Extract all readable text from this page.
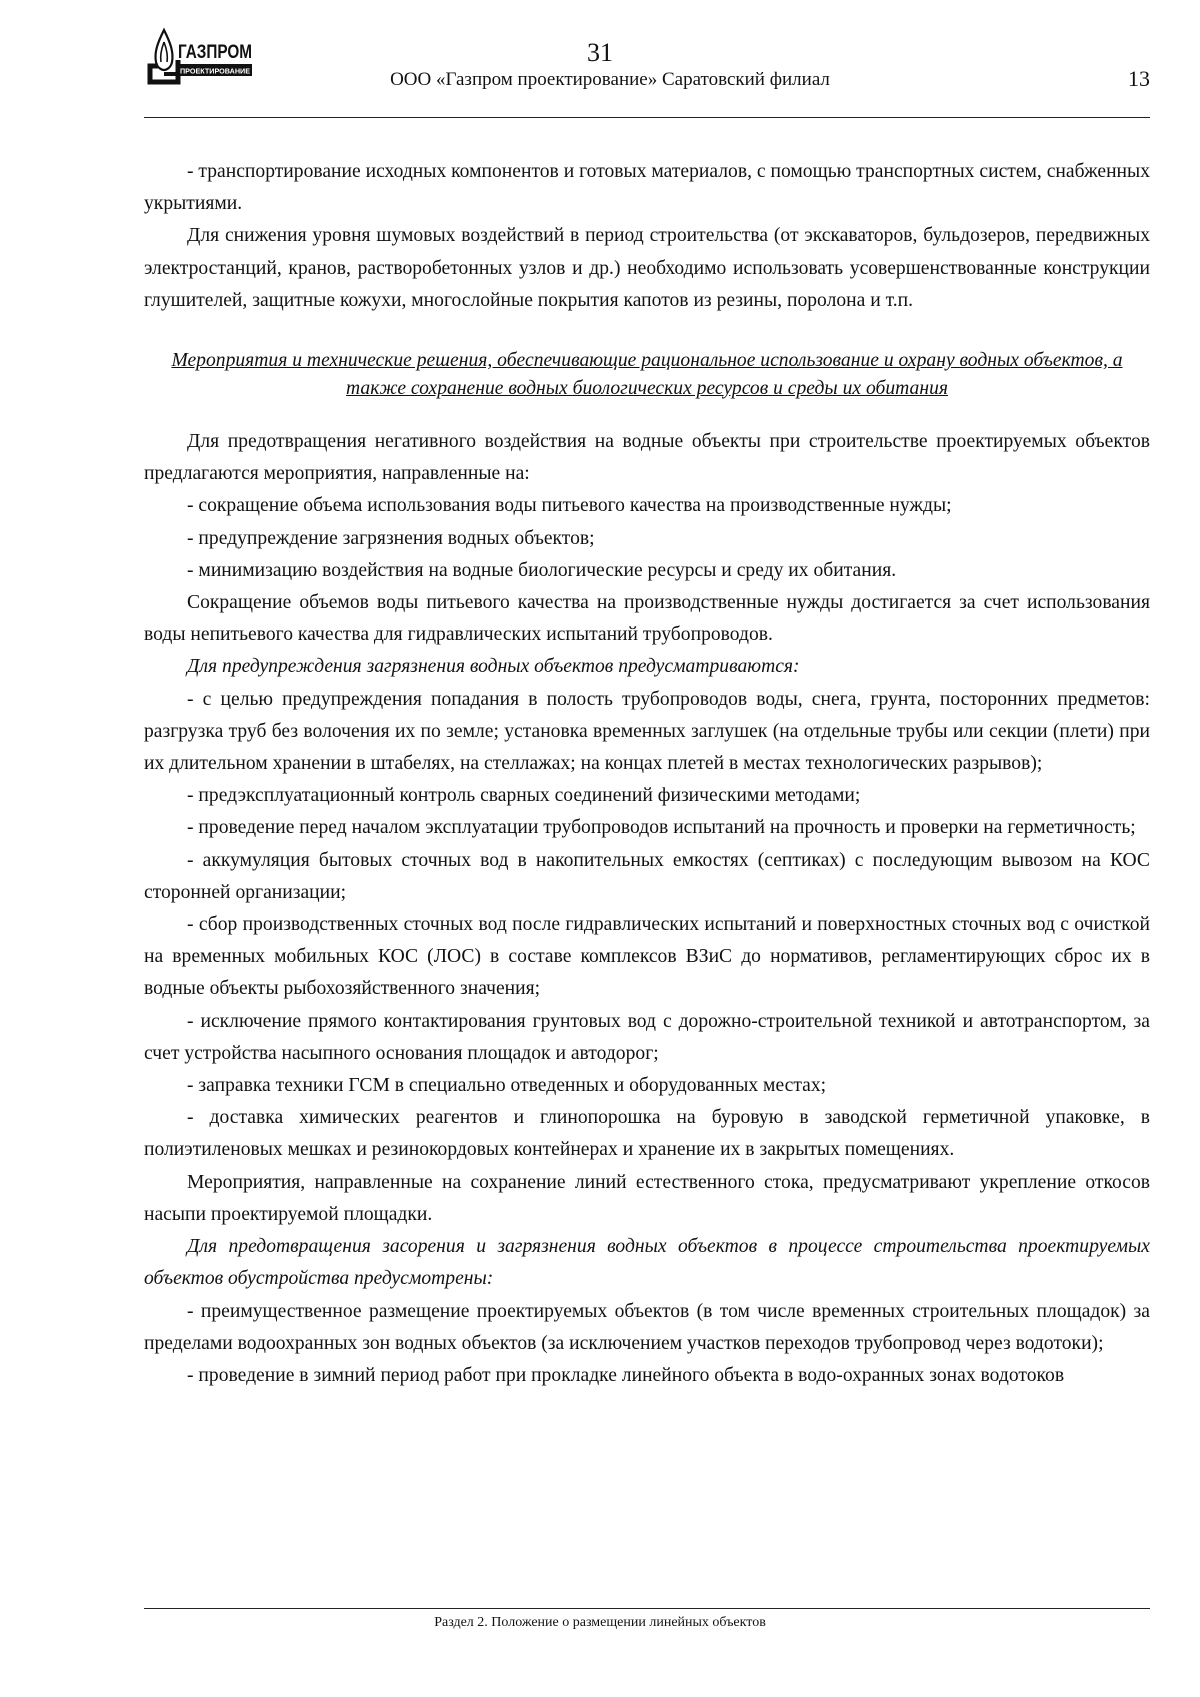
31
ГАЗПРОМ
ПРОЕКТИРОВАНИЕ	ООО «Газпром проектирование» Саратовский филиал	13

- транспортирование исходных компонентов и готовых материалов, с помощью транспортных систем, снабженных укрытиями.

Для снижения уровня шумовых воздействий в период строительства (от экскаваторов, бульдозеров, передвижных электростанций, кранов, растворобетонных узлов и др.) необходимо использовать усовершенствованные конструкции глушителей, защитные кожухи, многослойные покрытия капотов из резины, поролона и т.п.

Мероприятия и технические решения, обеспечивающие рациональное использование и охрану водных объектов, а также сохранение водных биологических ресурсов и среды их обитания

Для предотвращения негативного воздействия на водные объекты при строительстве проектируемых объектов предлагаются мероприятия, направленные на:

- сокращение объема использования воды питьевого качества на производственные нужды;

- предупреждение загрязнения водных объектов;

- минимизацию воздействия на водные биологические ресурсы и среду их обитания.

Сокращение объемов воды питьевого качества на производственные нужды достигается за счет использования воды непитьевого качества для гидравлических испытаний трубопроводов.

Для предупреждения загрязнения водных объектов предусматриваются:

- с целью предупреждения попадания в полость трубопроводов воды, снега, грунта, посторонних предметов: разгрузка труб без волочения их по земле; установка временных заглушек (на отдельные трубы или секции (плети) при их длительном хранении в штабелях, на стеллажах; на концах плетей в местах технологических разрывов);

- предэксплуатационный контроль сварных соединений физическими методами;

- проведение перед началом эксплуатации трубопроводов испытаний на прочность и проверки на герметичность;

- аккумуляция бытовых сточных вод в накопительных емкостях (септиках) с последующим вывозом на КОС сторонней организации;

- сбор производственных сточных вод после гидравлических испытаний и поверхностных сточных вод с очисткой на временных мобильных КОС (ЛОС) в составе комплексов ВЗиС до нормативов, регламентирующих сброс их в водные объекты рыбохозяйственного значения;

- исключение прямого контактирования грунтовых вод с дорожно-строительной техникой и автотранспортом, за счет устройства насыпного основания площадок и автодорог;

- заправка техники ГСМ в специально отведенных и оборудованных местах;

- доставка химических реагентов и глинопорошка на буровую в заводской герметичной упаковке, в полиэтиленовых мешках и резинокордовых контейнерах и хранение их в закрытых помещениях.

Мероприятия, направленные на сохранение линий естественного стока, предусматривают укрепление откосов насыпи проектируемой площадки.

Для предотвращения засорения и загрязнения водных объектов в процессе строительства проектируемых объектов обустройства предусмотрены:

- преимущественное размещение проектируемых объектов (в том числе временных строительных площадок) за пределами водоохранных зон водных объектов (за исключением участков переходов трубопровод через водотоки);

- проведение в зимний период работ при прокладке линейного объекта в водо-охранных зонах водотоков

Раздел 2. Положение о размещении линейных объектов
